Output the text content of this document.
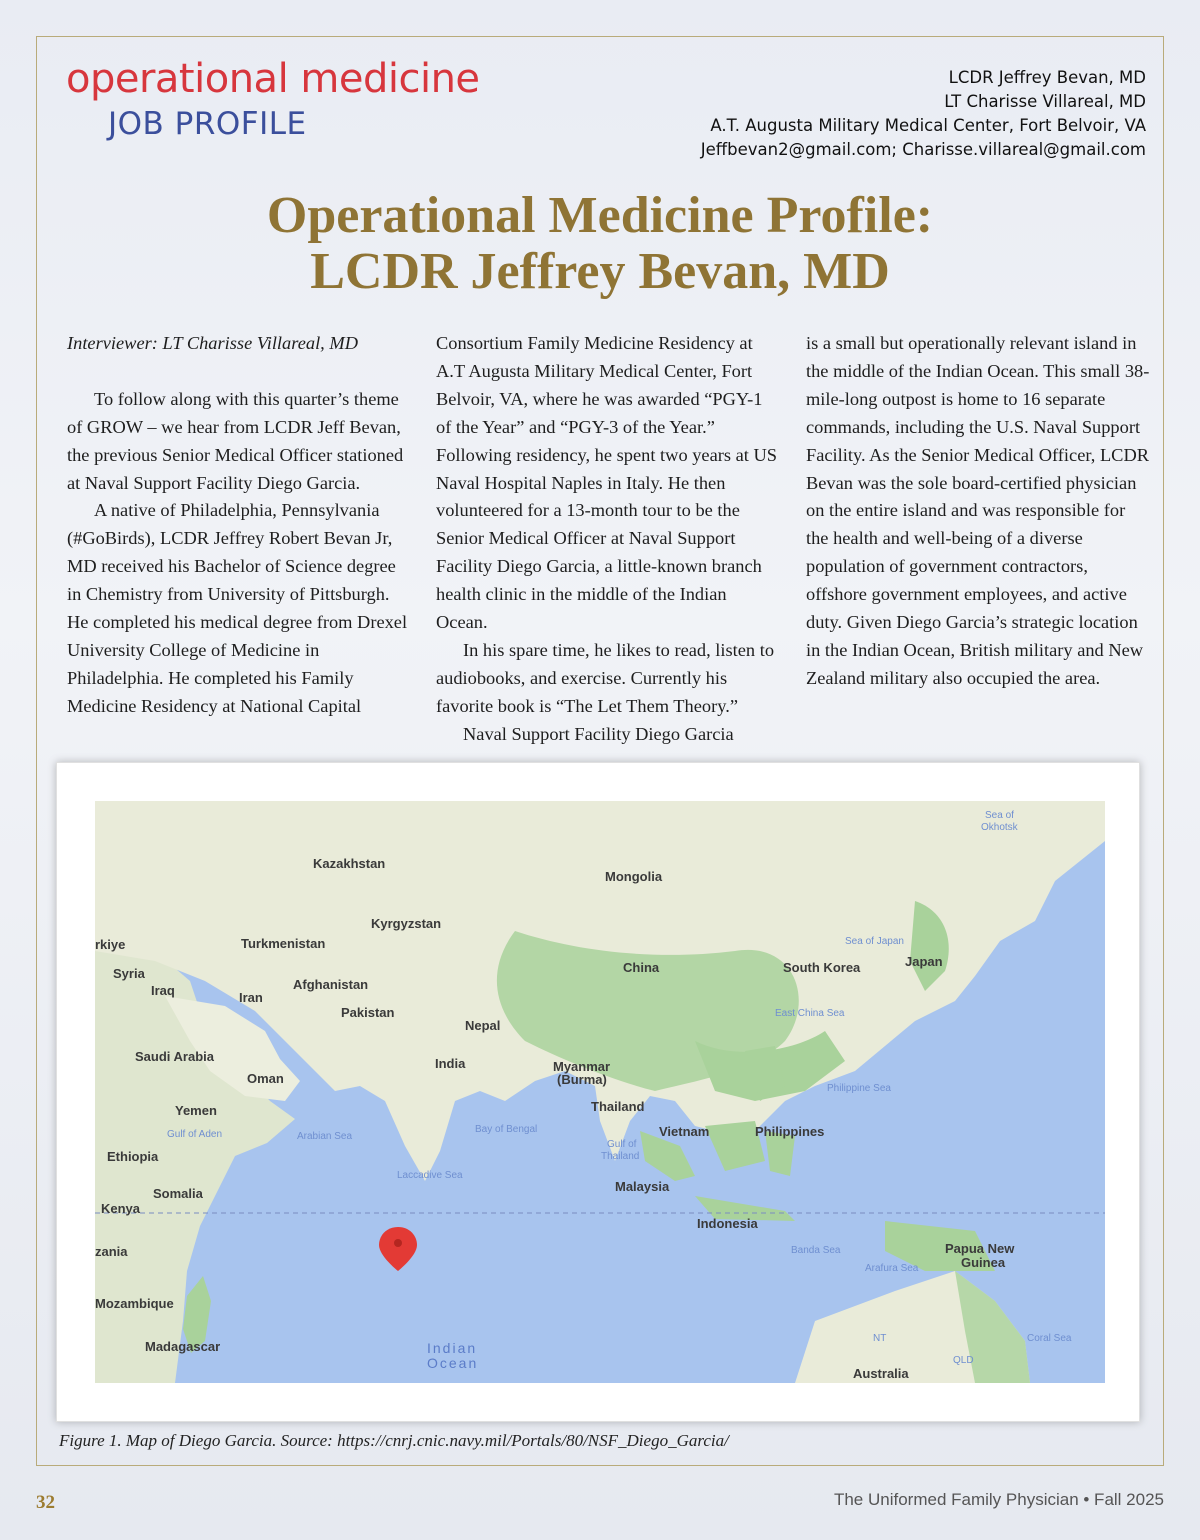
operational medicine
JOB PROFILE
LCDR Jeffrey Bevan, MD
LT Charisse Villareal, MD
A.T. Augusta Military Medical Center, Fort Belvoir, VA
Jeffbevan2@gmail.com; Charisse.villareal@gmail.com
Operational Medicine Profile:
LCDR Jeffrey Bevan, MD

Interviewer: LT Charisse Villareal, MD

To follow along with this quarter’s theme of GROW – we hear from LCDR Jeff Bevan, the previous Senior Medical Officer stationed at Naval Support Facility Diego Garcia.

A native of Philadelphia, Pennsylvania (#GoBirds), LCDR Jeffrey Robert Bevan Jr, MD received his Bachelor of Science degree in Chemistry from University of Pittsburgh. He completed his medical degree from Drexel University College of Medicine in Philadelphia. He completed his Family Medicine Residency at National Capital

Consortium Family Medicine Residency at A.T Augusta Military Medical Center, Fort Belvoir, VA, where he was awarded “PGY-1 of the Year” and “PGY-3 of the Year.” Following residency, he spent two years at US Naval Hospital Naples in Italy. He then volunteered for a 13-month tour to be the Senior Medical Officer at Naval Support Facility Diego Garcia, a little-known branch health clinic in the middle of the Indian Ocean.

In his spare time, he likes to read, listen to audiobooks, and exercise. Currently his favorite book is “The Let Them Theory.”

Naval Support Facility Diego Garcia

is a small but operationally relevant island in the middle of the Indian Ocean. This small 38-mile-long outpost is home to 16 separate commands, including the U.S. Naval Support Facility. As the Senior Medical Officer, LCDR Bevan was the sole board-certified physician on the entire island and was responsible for the health and well-being of a diverse population of government contractors, offshore government employees, and active duty. Given Diego Garcia’s strategic location in the Indian Ocean, British military and New Zealand military also occupied the area.

Kazakhstan
Mongolia
Kyrgyzstan
rkiye	Turkmenistan
Syria
Iraq	Iran
Afghanistan
Pakistan
China	South Korea	Japan
Nepal
Saudi Arabia	India	Myanmar
(Burma)
Oman
Yemen	Thailand
Vietnam	Philippines
Ethiopia
Somalia
Kenya
Malaysia
Indonesia
zania	Papua New
Guinea
Mozambique
Madagascar
NT
QLD
Australia
Sea of
Okhotsk
Sea of Japan
East China Sea
Philippine Sea
Gulf of Aden	Arabian Sea
Bay of Bengal
Gulf of
Thailand
Laccadive Sea
Banda Sea
Arafura Sea
Coral Sea
Indian
Ocean
Figure 1. Map of Diego Garcia. Source: https://cnrj.cnic.navy.mil/Portals/80/NSF_Diego_Garcia/
32	The Uniformed Family Physician • Fall 2025
